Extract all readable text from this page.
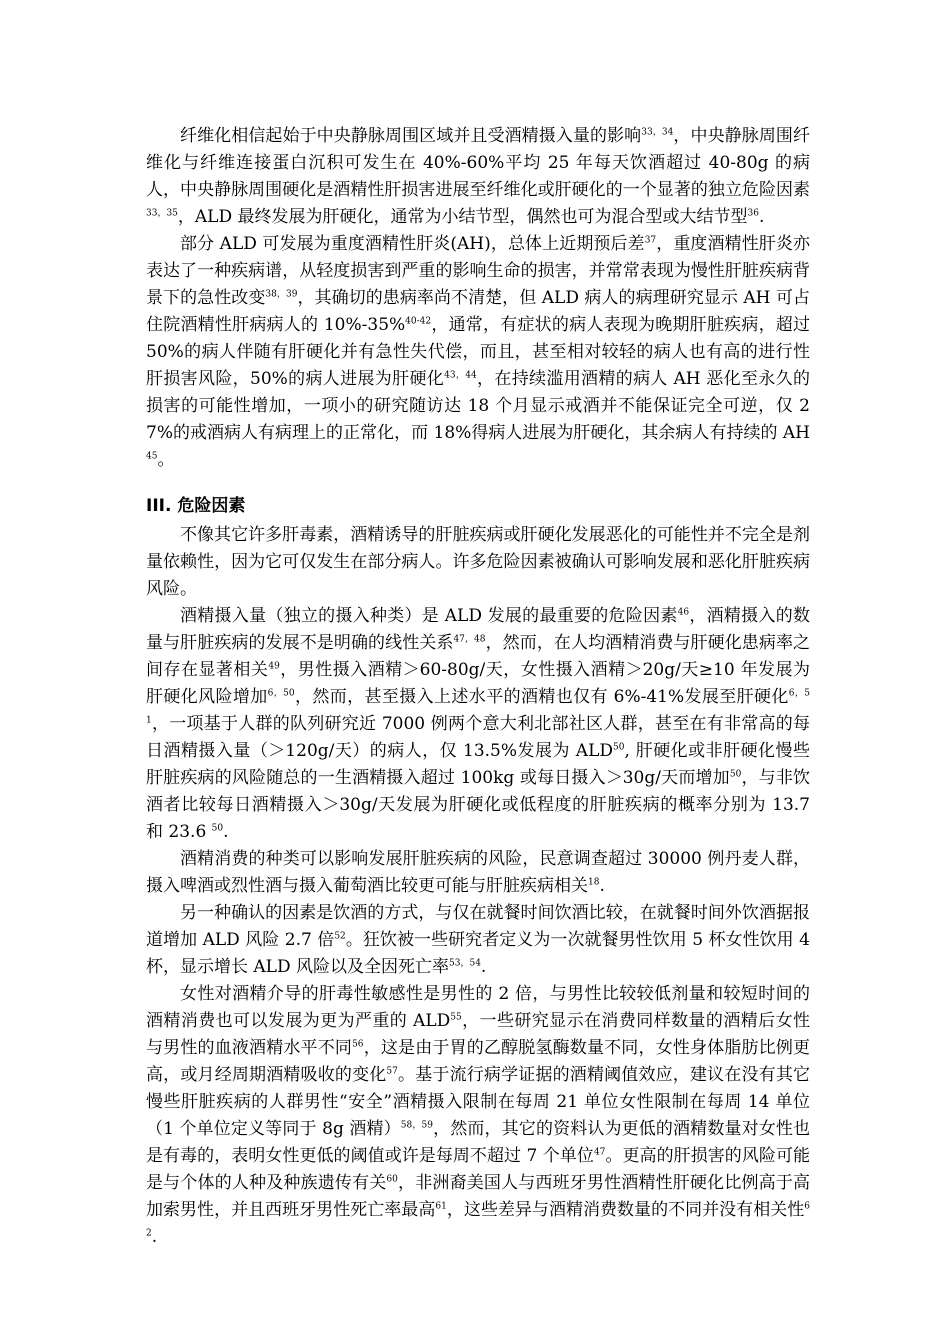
纤维化相信起始于中央静脉周围区域并且受酒精摄入量的影响$^{33,34}$，中央静脉周围纤维化与纤维连接蛋白沉积可发生在 40%-60%平均 25 年每天饮酒超过 40-80g 的病人，中央静脉周围硬化是酒精性肝损害进展至纤维化或肝硬化的一个显著的独立危险因素$^{33,35}$，ALD 最终发展为肝硬化，通常为小结节型，偶然也可为混合型或大结节型$^{36}$.

部分 ALD 可发展为重度酒精性肝炎(AH)，总体上近期预后差$^{37}$，重度酒精性肝炎亦表达了一种疾病谱，从轻度损害到严重的影响生命的损害，并常常表现为慢性肝脏疾病背景下的急性改变$^{38,39}$，其确切的患病率尚不清楚，但 ALD 病人的病理研究显示 AH 可占住院酒精性肝病病人的 10%-35%$^{40-42}$，通常，有症状的病人表现为晚期肝脏疾病，超过 50%的病人伴随有肝硬化并有急性失代偿，而且，甚至相对较轻的病人也有高的进行性肝损害风险，50%的病人进展为肝硬化$^{43,44}$，在持续滥用酒精的病人 AH 恶化至永久的损害的可能性增加，一项小的研究随访达 18 个月显示戒酒并不能保证完全可逆，仅 27%的戒酒病人有病理上的正常化，而 18%得病人进展为肝硬化，其余病人有持续的 AH$^{45}$。

III. 危险因素

不像其它许多肝毒素，酒精诱导的肝脏疾病或肝硬化发展恶化的可能性并不完全是剂量依赖性，因为它可仅发生在部分病人。许多危险因素被确认可影响发展和恶化肝脏疾病风险。

酒精摄入量（独立的摄入种类）是 ALD 发展的最重要的危险因素$^{46}$，酒精摄入的数量与肝脏疾病的发展不是明确的线性关系$^{47,48}$，然而，在人均酒精消费与肝硬化患病率之间存在显著相关$^{49}$，男性摄入酒精＞60-80g/天，女性摄入酒精＞20g/天≥10 年发展为肝硬化风险增加$^{6,50}$，然而，甚至摄入上述水平的酒精也仅有 6%-41%发展至肝硬化$^{6,51}$，一项基于人群的队列研究近 7000 例两个意大利北部社区人群，甚至在有非常高的每日酒精摄入量（＞120g/天）的病人，仅 13.5%发展为 ALD$^{50}$, 肝硬化或非肝硬化慢些肝脏疾病的风险随总的一生酒精摄入超过 100kg 或每日摄入＞30g/天而增加$^{50}$，与非饮酒者比较每日酒精摄入＞30g/天发展为肝硬化或低程度的肝脏疾病的概率分别为 13.7 和 23.6 $^{50}$.

酒精消费的种类可以影响发展肝脏疾病的风险，民意调查超过 30000 例丹麦人群，摄入啤酒或烈性酒与摄入葡萄酒比较更可能与肝脏疾病相关$^{18}$.

另一种确认的因素是饮酒的方式，与仅在就餐时间饮酒比较，在就餐时间外饮酒据报道增加 ALD 风险 2.7 倍$^{52}$。狂饮被一些研究者定义为一次就餐男性饮用 5 杯女性饮用 4 杯，显示增长 ALD 风险以及全因死亡率$^{53,54}$.

女性对酒精介导的肝毒性敏感性是男性的 2 倍，与男性比较较低剂量和较短时间的酒精消费也可以发展为更为严重的 ALD$^{55}$，一些研究显示在消费同样数量的酒精后女性与男性的血液酒精水平不同$^{56}$，这是由于胃的乙醇脱氢酶数量不同，女性身体脂肪比例更高，或月经周期酒精吸收的变化$^{57}$。基于流行病学证据的酒精阈值效应，建议在没有其它慢些肝脏疾病的人群男性“安全”酒精摄入限制在每周 21 单位女性限制在每周 14 单位（1 个单位定义等同于 8g 酒精）$^{58,59}$，然而，其它的资料认为更低的酒精数量对女性也是有毒的，表明女性更低的阈值或许是每周不超过 7 个单位$^{47}$。更高的肝损害的风险可能是与个体的人种及种族遗传有关$^{60}$，非洲裔美国人与西班牙男性酒精性肝硬化比例高于高加索男性，并且西班牙男性死亡率最高$^{61}$，这些差异与酒精消费数量的不同并没有相关性$^{62}$.
